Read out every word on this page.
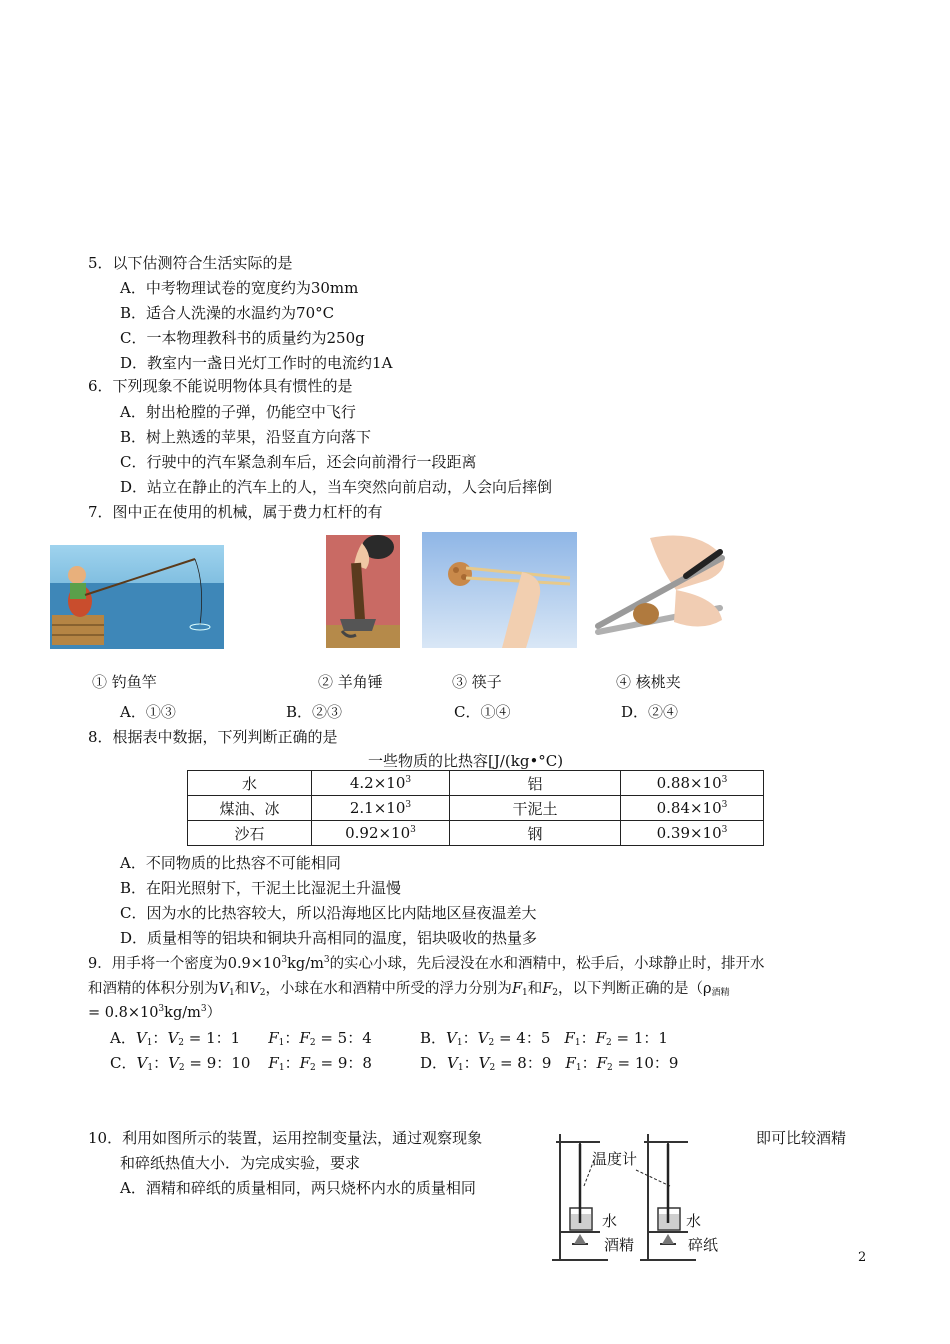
5．以下估测符合生活实际的是
A．中考物理试卷的宽度约为30mm
B．适合人洗澡的水温约为70°C
C．一本物理教科书的质量约为250g
D．教室内一盏日光灯工作时的电流约1A
6．下列现象不能说明物体具有惯性的是
A．射出枪膛的子弹，仍能空中飞行
B．树上熟透的苹果，沿竖直方向落下
C．行驶中的汽车紧急刹车后，还会向前滑行一段距离
D．站立在静止的汽车上的人，当车突然向前启动，人会向后摔倒
7．图中正在使用的机械，属于费力杠杆的有
① 钓鱼竿	② 羊角锤	③ 筷子	④ 核桃夹
A．①③	B．②③	C．①④	D．②④
8．根据表中数据，下列判断正确的是
一些物质的比热容[J/(kg•°C)
水	$4.2\times 10^3$	铝	$0.88\times 10^3$
煤油、冰	$2.1\times 10^3$	干泥土	$0.84\times 10^3$
沙石	$0.92\times 10^3$	钢	$0.39\times 10^3$
A．不同物质的比热容不可能相同
B．在阳光照射下，干泥土比湿泥土升温慢
C．因为水的比热容较大，所以沿海地区比内陆地区昼夜温差大
D．质量相等的铝块和铜块升高相同的温度，铝块吸收的热量多
9．用手将一个密度为$0.9\times 10^3kg/m^3$的实心小球，先后浸没在水和酒精中，松手后，小球静止时，排开水
和酒精的体积分别为$V_1$和$V_2$，小球在水和酒精中所受的浮力分别为$F_1$和$F_2$，以下判断正确的是（$\rho_{酒精}$
= $0.8\times 10^3kg/m^3$）
A．$V_1$：$V_2 = 1$：1 $F_1$：$F_2 = 5$：4	B．$V_1$：$V_2 = 4$：5 $F_1$：$F_2 = 1$：1
C．$V_1$：$V_2 = 9$：10 $F_1$：$F_2 = 9$：8	D．$V_1$：$V_2 = 8$：9 $F_1$：$F_2 = 10$：9
10．利用如图所示的装置，运用控制变量法，通过观察现象	即可比较酒精
和碎纸热值大小．为完成实验，要求
A．酒精和碎纸的质量相同，两只烧杯内水的质量相同
温度计
水
酒精
水
碎纸
2
